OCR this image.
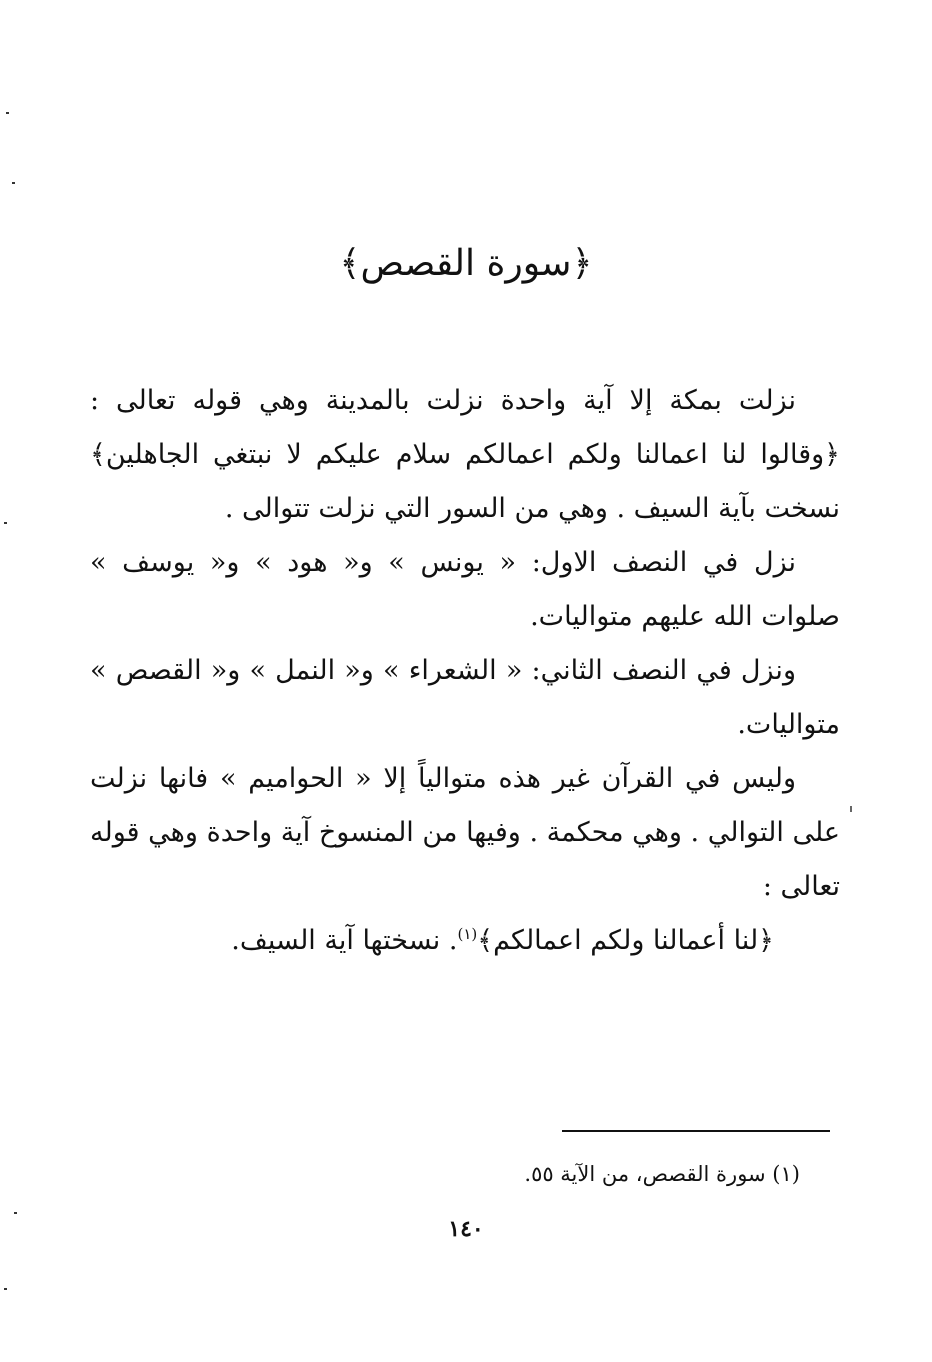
﴿سورة القصص﴾

نزلت بمكة إلا آية واحدة نزلت بالمدينة وهي قوله تعالى : ﴿وقالوا لنا اعمالنا ولكم اعمالكم سلام عليكم لا نبتغي الجاهلين﴾ نسخت بآية السيف . وهي من السور التي نزلت تتوالى .

نزل في النصف الاول: « يونس » و« هود » و« يوسف » صلوات الله عليهم متواليات.

ونزل في النصف الثاني: « الشعراء » و« النمل » و« القصص » متواليات.

وليس في القرآن غير هذه متوالياً إلا « الحواميم » فانها نزلت على التوالي . وهي محكمة . وفيها من المنسوخ آية واحدة وهي قوله تعالى :

﴿لنا أعمالنا ولكم اعمالكم﴾$^{(١)}$. نسختها آية السيف.

(١) سورة القصص، من الآية ٥٥.
١٤٠
